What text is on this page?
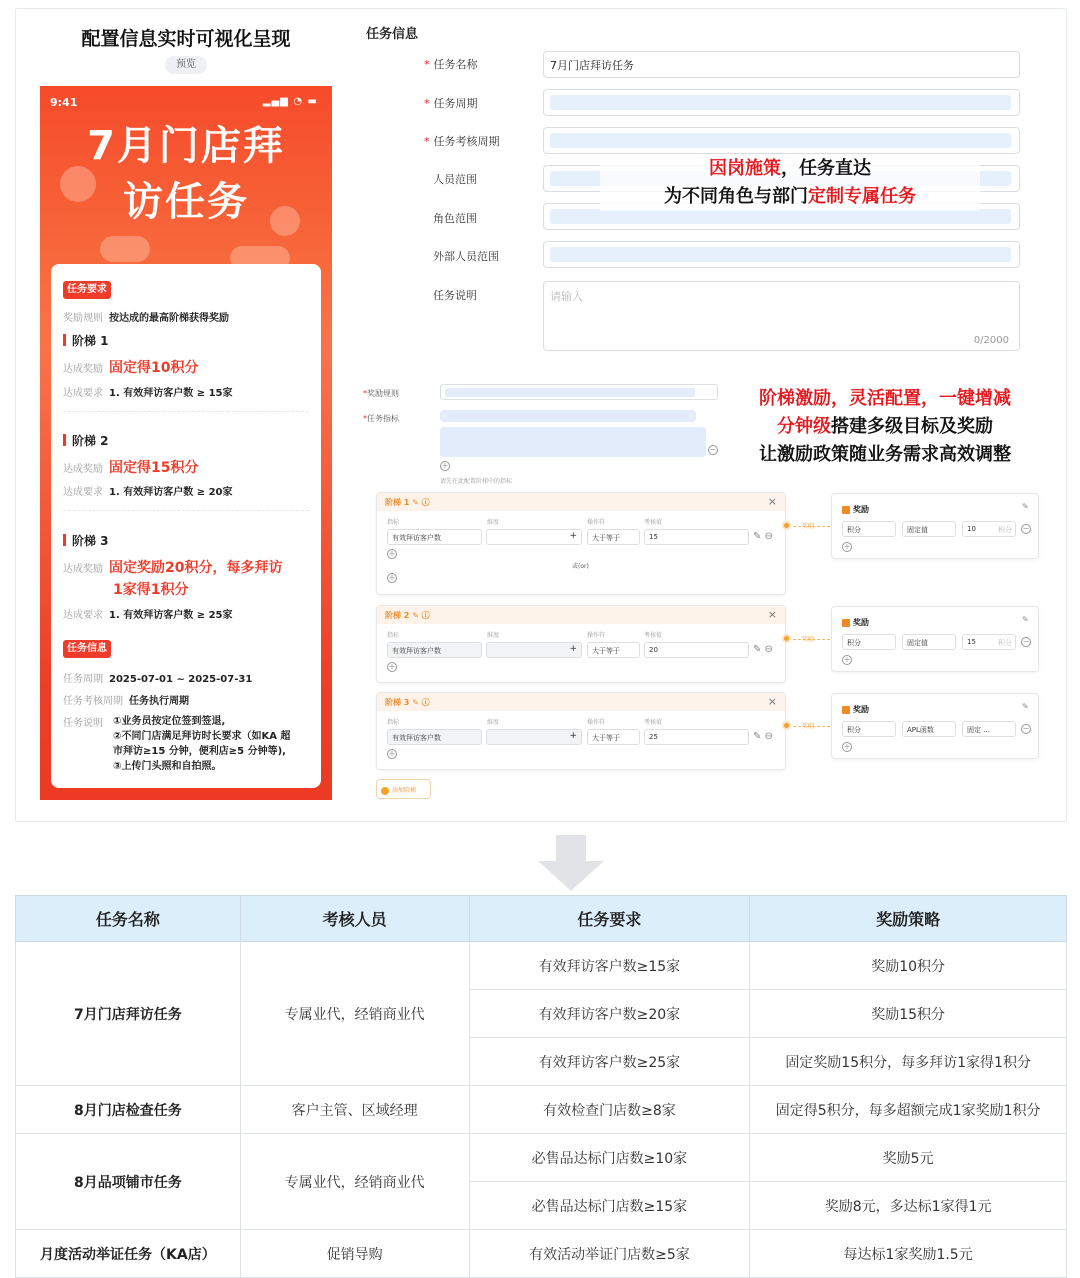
配置信息实时可视化呈现
预览
9:41	▂▄▆ ◔ ▬
7月门店拜
访任务
任务要求
奖励规则 按达成的最高阶梯获得奖励
阶梯 1
达成奖励 固定得10积分
达成要求 1. 有效拜访客户数 ≥ 15家
阶梯 2
达成奖励 固定得15积分
达成要求 1. 有效拜访客户数 ≥ 20家
阶梯 3
达成奖励 固定奖励20积分，每多拜访
1家得1积分
达成要求 1. 有效拜访客户数 ≥ 25家
任务信息
任务周期 2025-07-01 ~ 2025-07-31
任务考核周期 任务执行周期
任务说明 ①业务员按定位签到签退,
②不同门店满足拜访时长要求（如KA 超
市拜访≥15 分钟，便利店≥5 分钟等),
③上传门头照和自拍照。
任务信息
* 任务名称	7月门店拜访任务
* 任务周期
* 任务考核周期
人员范围
角色范围
外部人员范围
任务说明	请输入
0/2000
因岗施策，任务直达
为不同角色与部门定制专属任务
阶梯激励，灵活配置，一键增减
分钟级搭建多级目标及奖励
让激励政策随业务需求高效调整
*奖励规则
*任务指标
−
+
请先在此配置阶梯中的指标
阶梯 1 ✎ ⓘ	×
指标	维度	操作符	考核值
有效拜访客户数	+	大于等于	15	✎ ⊖
+
或(or)
+
奖励
奖励	✎
积分	固定值	10	积分 −
+
阶梯 2 ✎ ⓘ	×
指标	维度	操作符	考核值
有效拜访客户数	+	大于等于	20	✎ ⊖
+
奖励
奖励	✎
积分	固定值	15	积分 −
+
阶梯 3 ✎ ⓘ	×
指标	维度	操作符	考核值
有效拜访客户数	+	大于等于	25	✎ ⊖
+
奖励
奖励	✎
积分	APL函数	固定 ...	−
+
添加阶梯
任务名称	考核人员	任务要求	奖励策略
7月门店拜访任务	专属业代，经销商业代	有效拜访客户数≥15家	奖励10积分
		有效拜访客户数≥20家	奖励15积分
		有效拜访客户数≥25家	固定奖励15积分，每多拜访1家得1积分
8月门店检查任务	客户主管、区域经理	有效检查门店数≥8家	固定得5积分，每多超额完成1家奖励1积分
8月品项铺市任务	专属业代，经销商业代	必售品达标门店数≥10家	奖励5元
		必售品达标门店数≥15家	奖励8元，多达标1家得1元
月度活动举证任务（KA店）	促销导购	有效活动举证门店数≥5家	每达标1家奖励1.5元
